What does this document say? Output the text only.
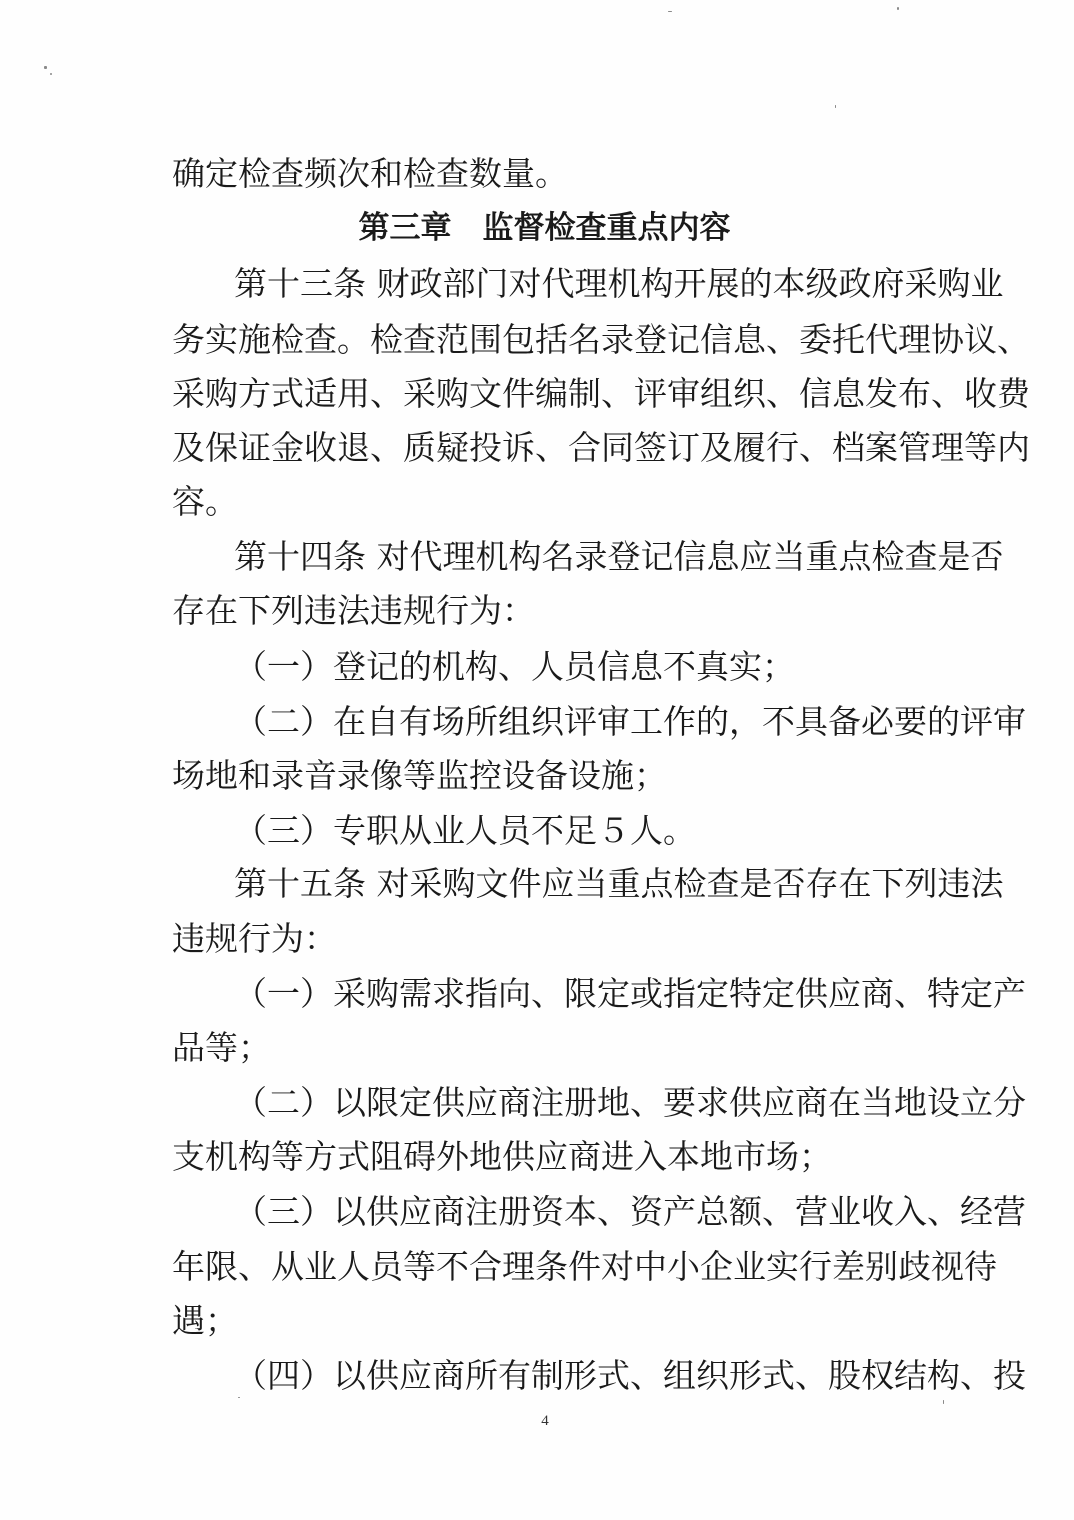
确定检查频次和检查数量。
第三章　监督检查重点内容
第十三条 财政部门对代理机构开展的本级政府采购业
务实施检查。检查范围包括名录登记信息、委托代理协议、
采购方式适用、采购文件编制、评审组织、信息发布、收费
及保证金收退、质疑投诉、合同签订及履行、档案管理等内
容。
第十四条 对代理机构名录登记信息应当重点检查是否
存在下列违法违规行为：
（一）登记的机构、人员信息不真实；
（二）在自有场所组织评审工作的，不具备必要的评审
场地和录音录像等监控设备设施；
（三）专职从业人员不足５人。
第十五条 对采购文件应当重点检查是否存在下列违法
违规行为：
（一）采购需求指向、限定或指定特定供应商、特定产
品等；
（二）以限定供应商注册地、要求供应商在当地设立分
支机构等方式阻碍外地供应商进入本地市场；
（三）以供应商注册资本、资产总额、营业收入、经营
年限、从业人员等不合理条件对中小企业实行差别歧视待
遇；
（四）以供应商所有制形式、组织形式、股权结构、投
4
